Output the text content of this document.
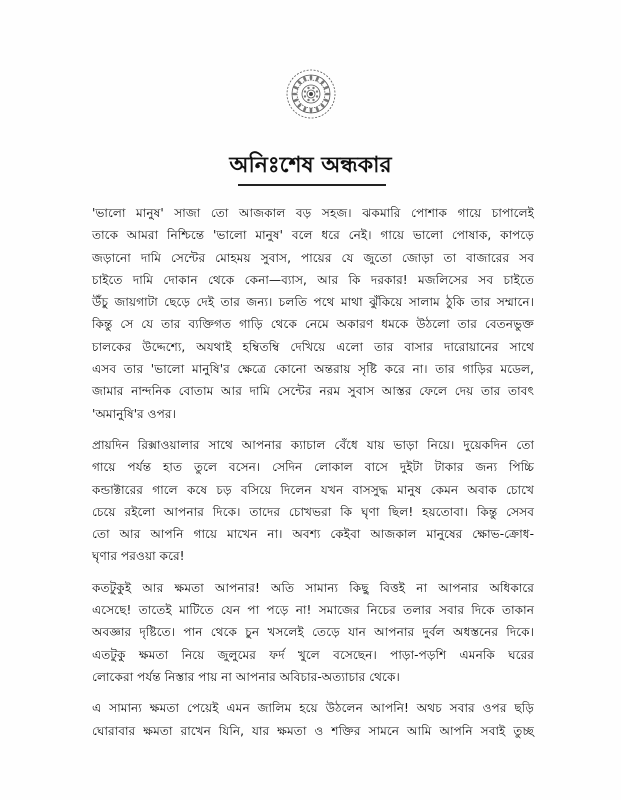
অনিঃশেষ অন্ধকার

'ভালো মানুষ' সাজা তো আজকাল বড় সহজ। ঝকমারি পোশাক গায়ে চাপালেই
তাকে আমরা নিশ্চিন্তে 'ভালো মানুষ' বলে ধরে নেই। গায়ে ভালো পোষাক, কাপড়ে
জড়ানো দামি সেন্টের মোহময় সুবাস, পায়ের যে জুতো জোড়া তা বাজারের সব
চাইতে দামি দোকান থেকে কেনা—ব্যাস, আর কি দরকার! মজলিসের সব চাইতে
উঁচু জায়গাটা ছেড়ে দেই তার জন্য। চলতি পথে মাথা ঝুঁকিয়ে সালাম ঠুকি তার সম্মানে।
কিন্তু সে যে তার ব্যক্তিগত গাড়ি থেকে নেমে অকারণ ধমকে উঠলো তার বেতনভুক্ত
চালকের উদ্দেশ্যে, অযথাই হম্বিতম্বি দেখিয়ে এলো তার বাসার দারোয়ানের সাথে
এসব তার 'ভালো মানুষি'র ক্ষেত্রে কোনো অন্তরায় সৃষ্টি করে না। তার গাড়ির মডেল,
জামার নান্দনিক বোতাম আর দামি সেন্টের নরম সুবাস আস্তর ফেলে দেয় তার তাবৎ
'অমানুষি'র ওপর।

প্রায়দিন রিক্সাওয়ালার সাথে আপনার ক্যাচাল বেঁধে যায় ভাড়া নিয়ে। দুয়েকদিন তো
গায়ে পর্যন্ত হাত তুলে বসেন। সেদিন লোকাল বাসে দুইটা টাকার জন্য পিচ্চি
কন্ডাক্টারের গালে কষে চড় বসিয়ে দিলেন যখন বাসসুদ্ধ মানুষ কেমন অবাক চোখে
চেয়ে রইলো আপনার দিকে। তাদের চোখভরা কি ঘৃণা ছিল! হয়তোবা। কিন্তু সেসব
তো আর আপনি গায়ে মাখেন না। অবশ্য কেইবা আজকাল মানুষের ক্ষোভ-ক্রোধ-
ঘৃণার পরওয়া করে!

কতটুকুই আর ক্ষমতা আপনার! অতি সামান্য কিছু বিত্তই না আপনার অধিকারে
এসেছে! তাতেই মাটিতে যেন পা পড়ে না! সমাজের নিচের তলার সবার দিকে তাকান
অবজ্ঞার দৃষ্টিতে। পান থেকে চুন খসলেই তেড়ে যান আপনার দুর্বল অধস্তনের দিকে।
এতটুকু ক্ষমতা নিয়ে জুলুমের ফর্দ খুলে বসেছেন। পাড়া-পড়শি এমনকি ঘরের
লোকেরা পর্যন্ত নিস্তার পায় না আপনার অবিচার-অত্যাচার থেকে।

এ সামান্য ক্ষমতা পেয়েই এমন জালিম হয়ে উঠলেন আপনি! অথচ সবার ওপর ছড়ি
ঘোরাবার ক্ষমতা রাখেন যিনি, যার ক্ষমতা ও শক্তির সামনে আমি আপনি সবাই তুচ্ছ
